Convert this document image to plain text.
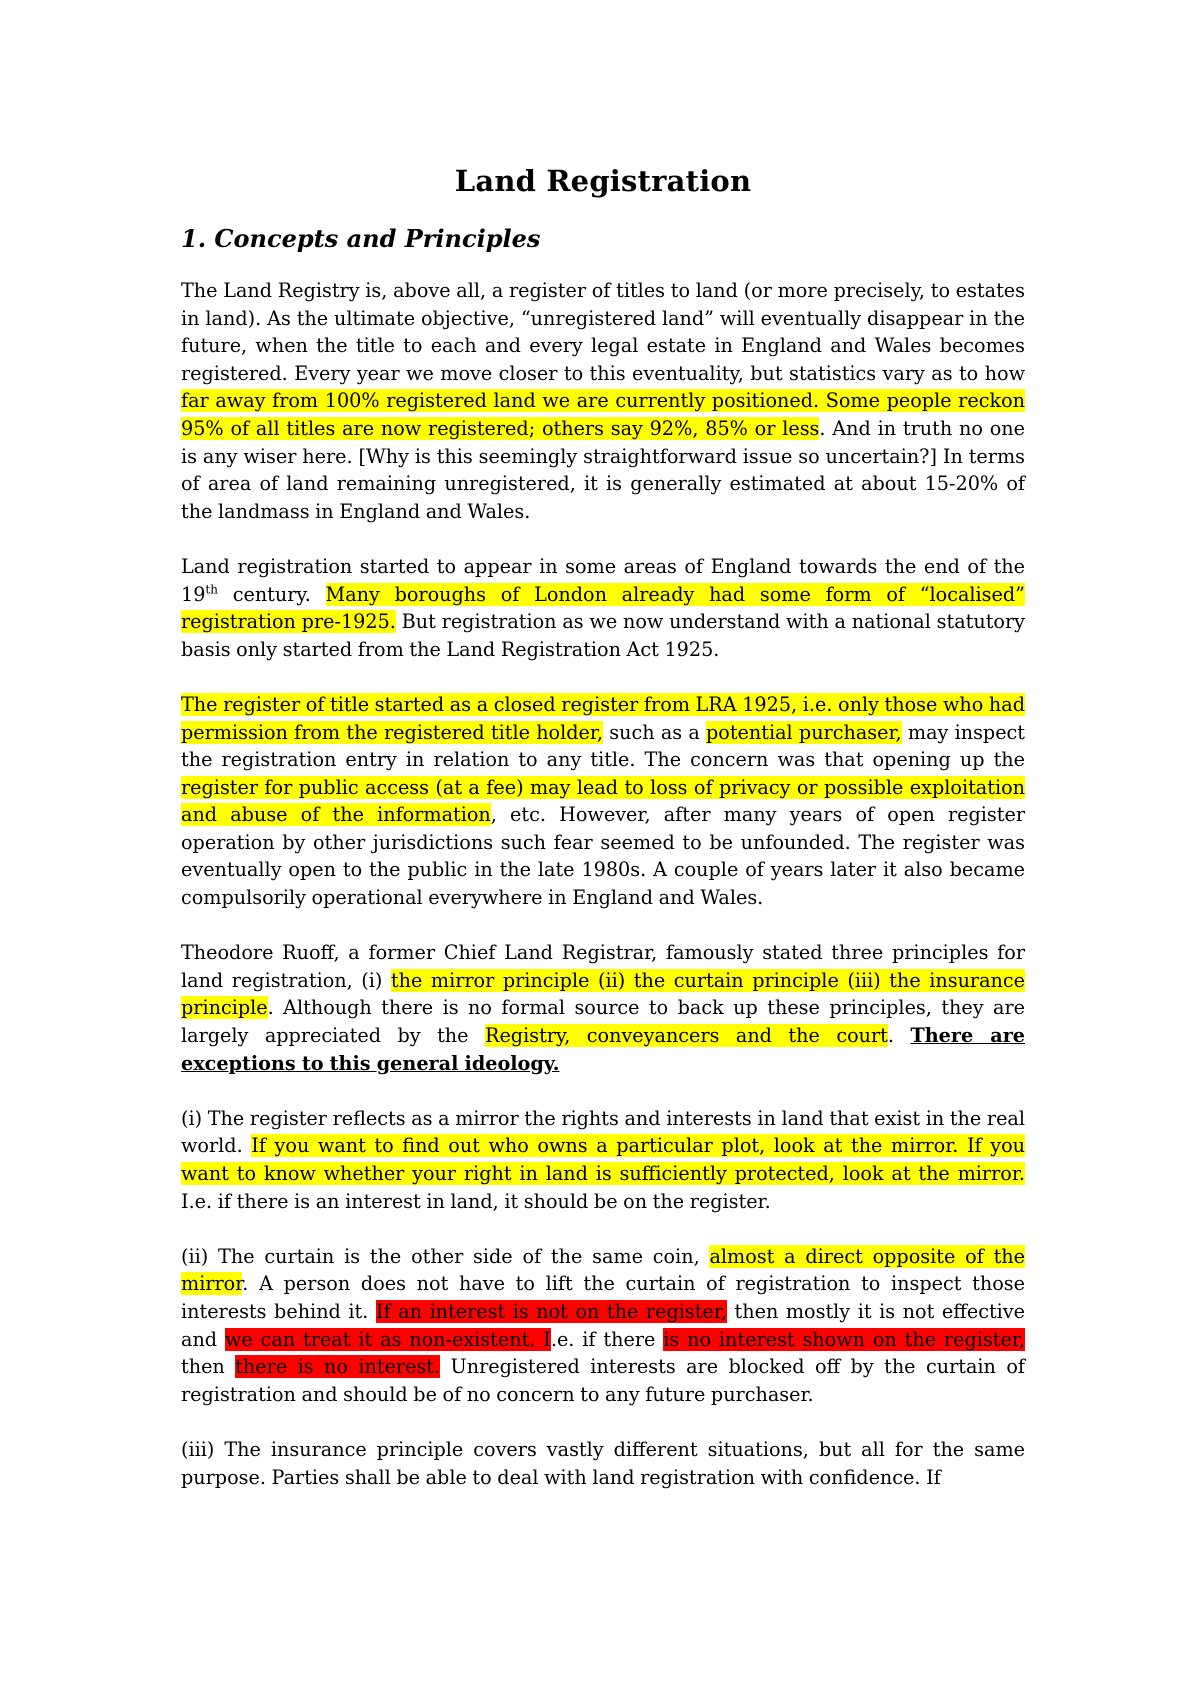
Land Registration
1. Concepts and Principles

The Land Registry is, above all, a register of titles to land (or more precisely, to estates in land). As the ultimate objective, “unregistered land” will eventually disappear in the future, when the title to each and every legal estate in England and Wales becomes registered. Every year we move closer to this eventuality, but statistics vary as to how far away from 100% registered land we are currently positioned. Some people reckon 95% of all titles are now registered; others say 92%, 85% or less. And in truth no one is any wiser here. [Why is this seemingly straightforward issue so uncertain?] In terms of area of land remaining unregistered, it is generally estimated at about 15-20% of the landmass in England and Wales.

Land registration started to appear in some areas of England towards the end of the 19th century. Many boroughs of London already had some form of “localised” registration pre-1925. But registration as we now understand with a national statutory basis only started from the Land Registration Act 1925.

The register of title started as a closed register from LRA 1925, i.e. only those who had permission from the registered title holder, such as a potential purchaser, may inspect the registration entry in relation to any title. The concern was that opening up the register for public access (at a fee) may lead to loss of privacy or possible exploitation and abuse of the information, etc. However, after many years of open register operation by other jurisdictions such fear seemed to be unfounded. The register was eventually open to the public in the late 1980s. A couple of years later it also became compulsorily operational everywhere in England and Wales.

Theodore Ruoff, a former Chief Land Registrar, famously stated three principles for land registration, (i) the mirror principle (ii) the curtain principle (iii) the insurance principle. Although there is no formal source to back up these principles, they are largely appreciated by the Registry, conveyancers and the court. There are exceptions to this general ideology.

(i) The register reflects as a mirror the rights and interests in land that exist in the real world. If you want to find out who owns a particular plot, look at the mirror. If you want to know whether your right in land is sufficiently protected, look at the mirror. I.e. if there is an interest in land, it should be on the register.

(ii) The curtain is the other side of the same coin, almost a direct opposite of the mirror. A person does not have to lift the curtain of registration to inspect those interests behind it. If an interest is not on the register, then mostly it is not effective and we can treat it as non-existent. I.e. if there is no interest shown on the register, then there is no interest. Unregistered interests are blocked off by the curtain of registration and should be of no concern to any future purchaser.

(iii) The insurance principle covers vastly different situations, but all for the same purpose. Parties shall be able to deal with land registration with confidence. If
